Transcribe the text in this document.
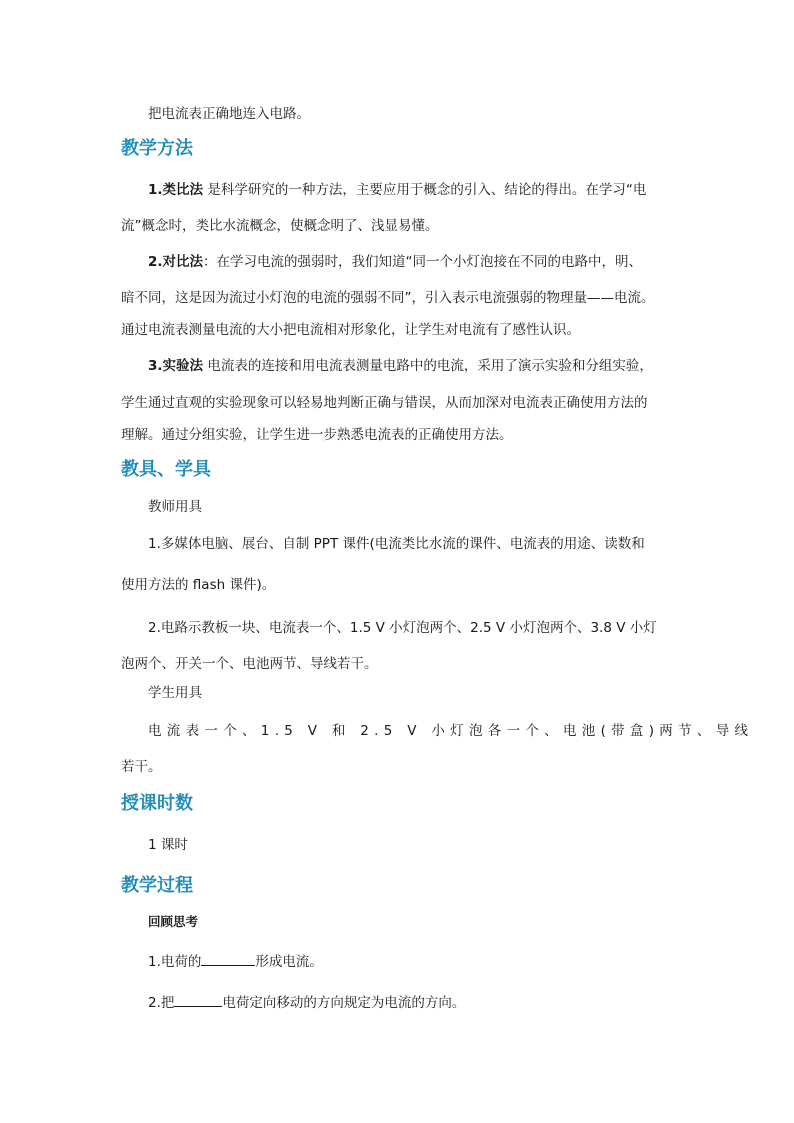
把电流表正确地连入电路。
教学方法
1.类比法 是科学研究的一种方法，主要应用于概念的引入、结论的得出。在学习“电
流”概念时，类比水流概念，使概念明了、浅显易懂。
2.对比法：在学习电流的强弱时，我们知道“同一个小灯泡接在不同的电路中，明、
暗不同，这是因为流过小灯泡的电流的强弱不同”，引入表示电流强弱的物理量——电流。
通过电流表测量电流的大小把电流相对形象化，让学生对电流有了感性认识。
3.实验法 电流表的连接和用电流表测量电路中的电流，采用了演示实验和分组实验，
学生通过直观的实验现象可以轻易地判断正确与错误，从而加深对电流表正确使用方法的
理解。通过分组实验，让学生进一步熟悉电流表的正确使用方法。
教具、学具
教师用具
1.多媒体电脑、展台、自制 PPT 课件(电流类比水流的课件、电流表的用途、读数和
使用方法的 flash 课件)。
2.电路示教板一块、电流表一个、1.5 V 小灯泡两个、2.5 V 小灯泡两个、3.8 V 小灯
泡两个、开关一个、电池两节、导线若干。
学生用具
电流表一个、1.5 V 和 2.5 V 小灯泡各一个、电池(带盒)两节、导线
若干。
授课时数
1 课时
教学过程
回顾思考
1.电荷的	形成电流。
2.把	电荷定向移动的方向规定为电流的方向。
